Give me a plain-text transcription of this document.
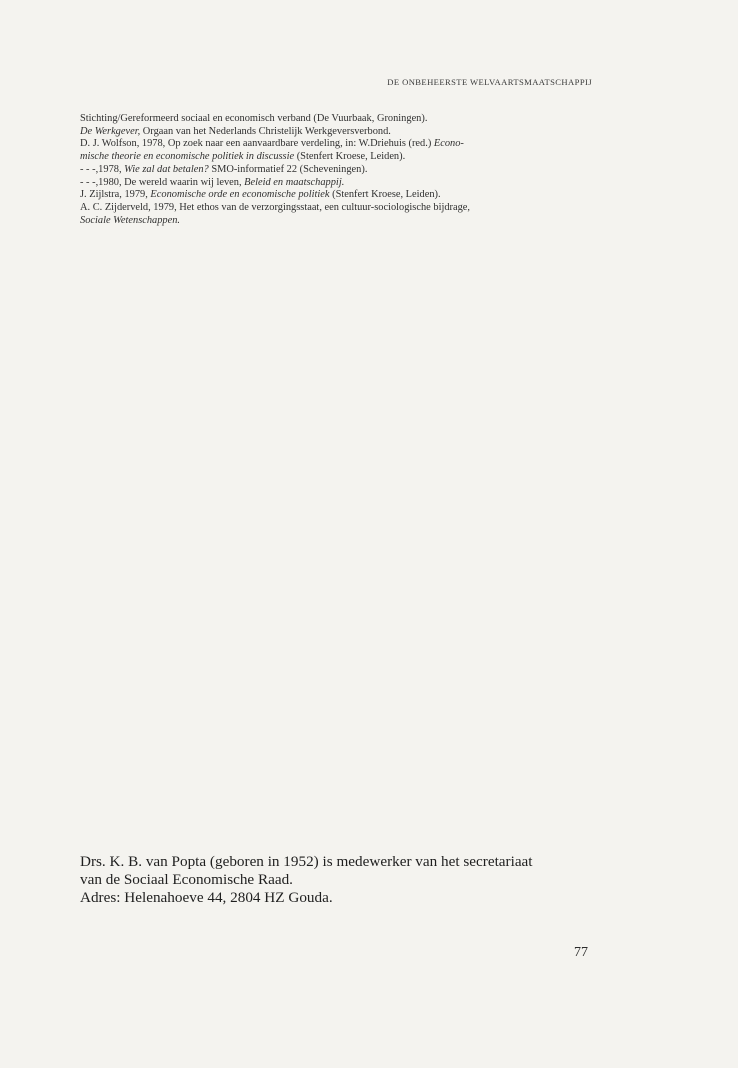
DE ONBEHEERSTE WELVAARTSMAATSCHAPPIJ
Stichting/Gereformeerd sociaal en economisch verband (De Vuurbaak, Groningen).
De Werkgever, Orgaan van het Nederlands Christelijk Werkgeversverbond.
D. J. Wolfson, 1978, Op zoek naar een aanvaardbare verdeling, in: W.Driehuis (red.) Econo-
mische theorie en economische politiek in discussie (Stenfert Kroese, Leiden).
- - -,1978, Wie zal dat betalen? SMO-informatief 22 (Scheveningen).
- - -,1980, De wereld waarin wij leven, Beleid en maatschappij.
J. Zijlstra, 1979, Economische orde en economische politiek (Stenfert Kroese, Leiden).
A. C. Zijderveld, 1979, Het ethos van de verzorgingsstaat, een cultuur-sociologische bijdrage,
Sociale Wetenschappen.
Drs. K. B. van Popta (geboren in 1952) is medewerker van het secretariaat
van de Sociaal Economische Raad.
Adres: Helenahoeve 44, 2804 HZ Gouda.
77
